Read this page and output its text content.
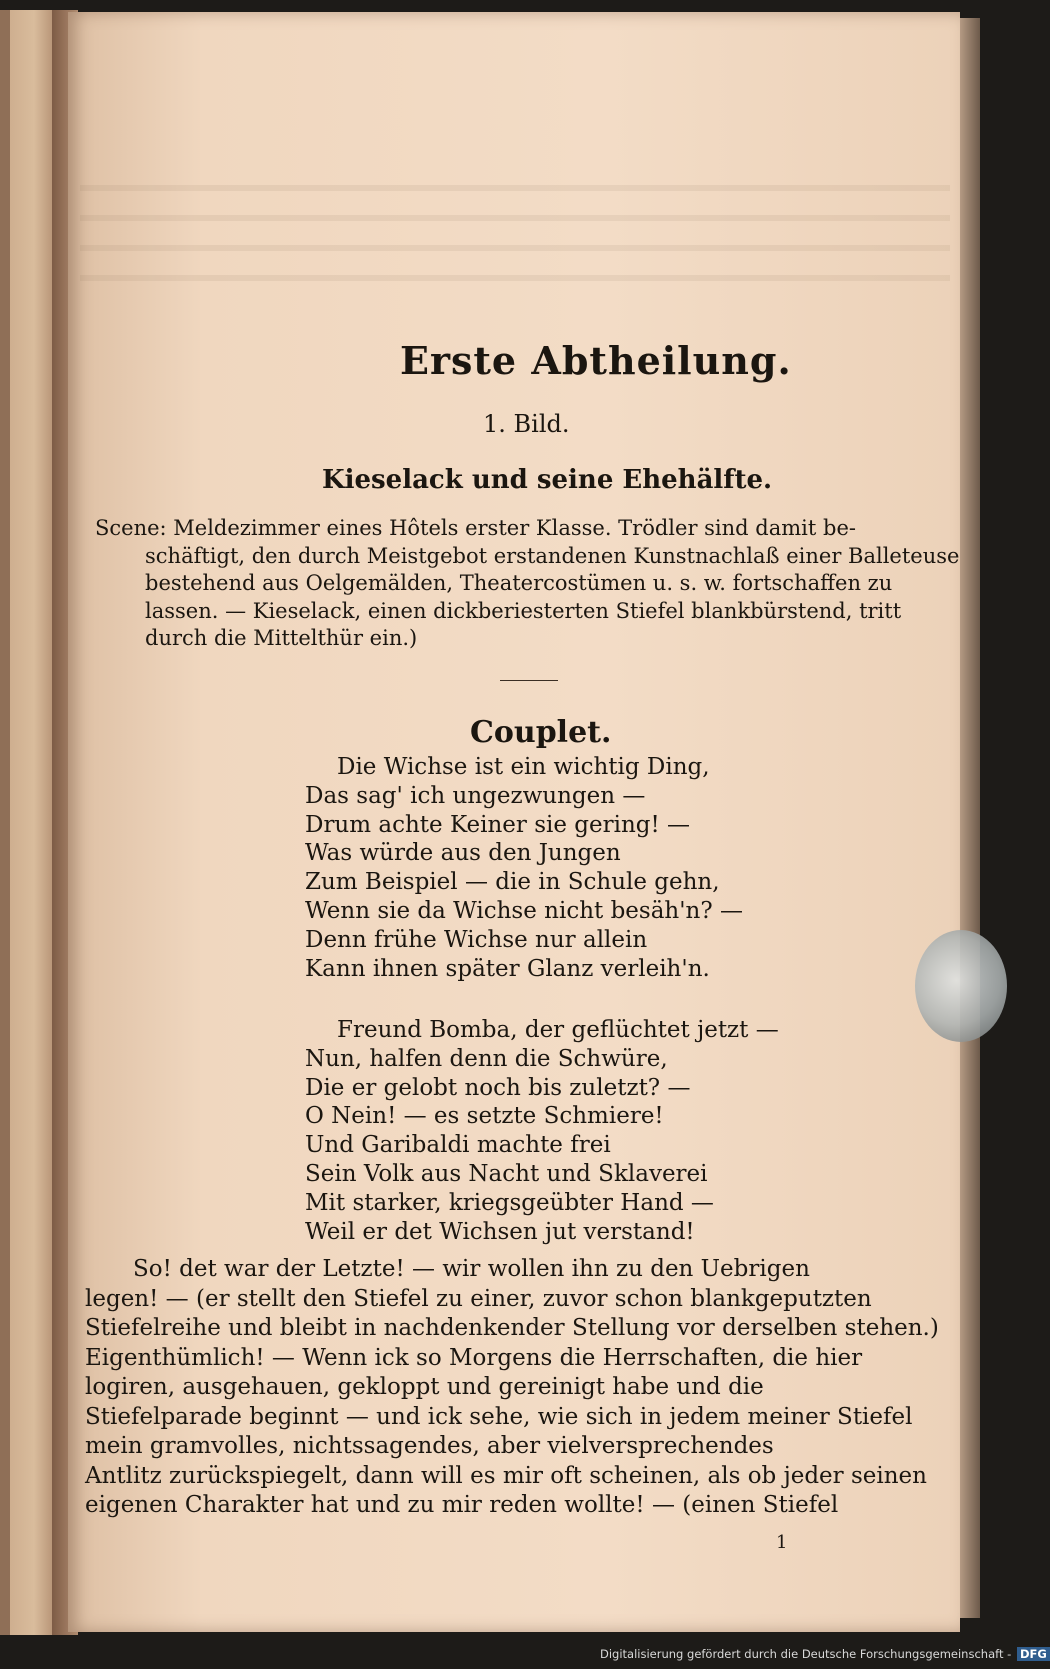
Erste Abtheilung.
1. Bild.
Kieselack und seine Ehehälfte.
Scene: Meldezimmer eines Hôtels erster Klasse. Trödler sind damit be-
schäftigt, den durch Meistgebot erstandenen Kunstnachlaß einer Balleteuse
bestehend aus Oelgemälden, Theatercostümen u. s. w. fortschaffen zu
lassen. — Kieselack, einen dickberiesterten Stiefel blankbürstend, tritt
durch die Mittelthür ein.)
Couplet.
Die Wichse ist ein wichtig Ding,
Das sag' ich ungezwungen —
Drum achte Keiner sie gering! —
Was würde aus den Jungen
Zum Beispiel — die in Schule gehn,
Wenn sie da Wichse nicht besäh'n? —
Denn frühe Wichse nur allein
Kann ihnen später Glanz verleih'n.
Freund Bomba, der geflüchtet jetzt —
Nun, halfen denn die Schwüre,
Die er gelobt noch bis zuletzt? —
O Nein! — es setzte Schmiere!
Und Garibaldi machte frei
Sein Volk aus Nacht und Sklaverei
Mit starker, kriegsgeübter Hand —
Weil er det Wichsen jut verstand!
So! det war der Letzte! — wir wollen ihn zu den Uebrigen
legen! — (er stellt den Stiefel zu einer, zuvor schon blankgeputzten
Stiefelreihe und bleibt in nachdenkender Stellung vor derselben stehen.)
Eigenthümlich! — Wenn ick so Morgens die Herrschaften, die hier
logiren, ausgehauen, gekloppt und gereinigt habe und die
Stiefelparade beginnt — und ick sehe, wie sich in jedem meiner Stiefel
mein gramvolles, nichtssagendes, aber vielversprechendes
Antlitz zurückspiegelt, dann will es mir oft scheinen, als ob jeder seinen
eigenen Charakter hat und zu mir reden wollte! — (einen Stiefel
1
Digitalisierung gefördert durch die Deutsche Forschungsgemeinschaft - DFG
